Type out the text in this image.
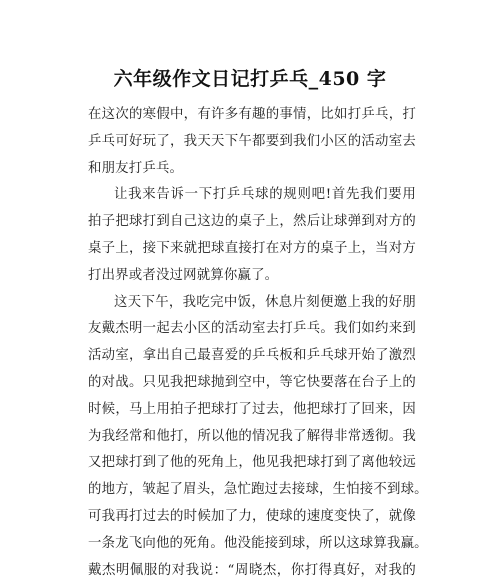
六年级作文日记打乒乓_450 字
在这次的寒假中，有许多有趣的事情，比如打乒乓，打
乒乓可好玩了，我天天下午都要到我们小区的活动室去
和朋友打乒乓。
让我来告诉一下打乒乓球的规则吧!首先我们要用
拍子把球打到自己这边的桌子上，然后让球弹到对方的
桌子上，接下来就把球直接打在对方的桌子上，当对方
打出界或者没过网就算你赢了。
这天下午，我吃完中饭，休息片刻便邀上我的好朋
友戴杰明一起去小区的活动室去打乒乓。我们如约来到
活动室，拿出自己最喜爱的乒乓板和乒乓球开始了激烈
的对战。只见我把球抛到空中，等它快要落在台子上的
时候，马上用拍子把球打了过去，他把球打了回来，因
为我经常和他打，所以他的情况我了解得非常透彻。我
又把球打到了他的死角上，他见我把球打到了离他较远
的地方，皱起了眉头，急忙跑过去接球，生怕接不到球。
可我再打过去的时候加了力，使球的速度变快了，就像
一条龙飞向他的死角。他没能接到球，所以这球算我赢。
戴杰明佩服的对我说：“周晓杰，你打得真好，对我的
